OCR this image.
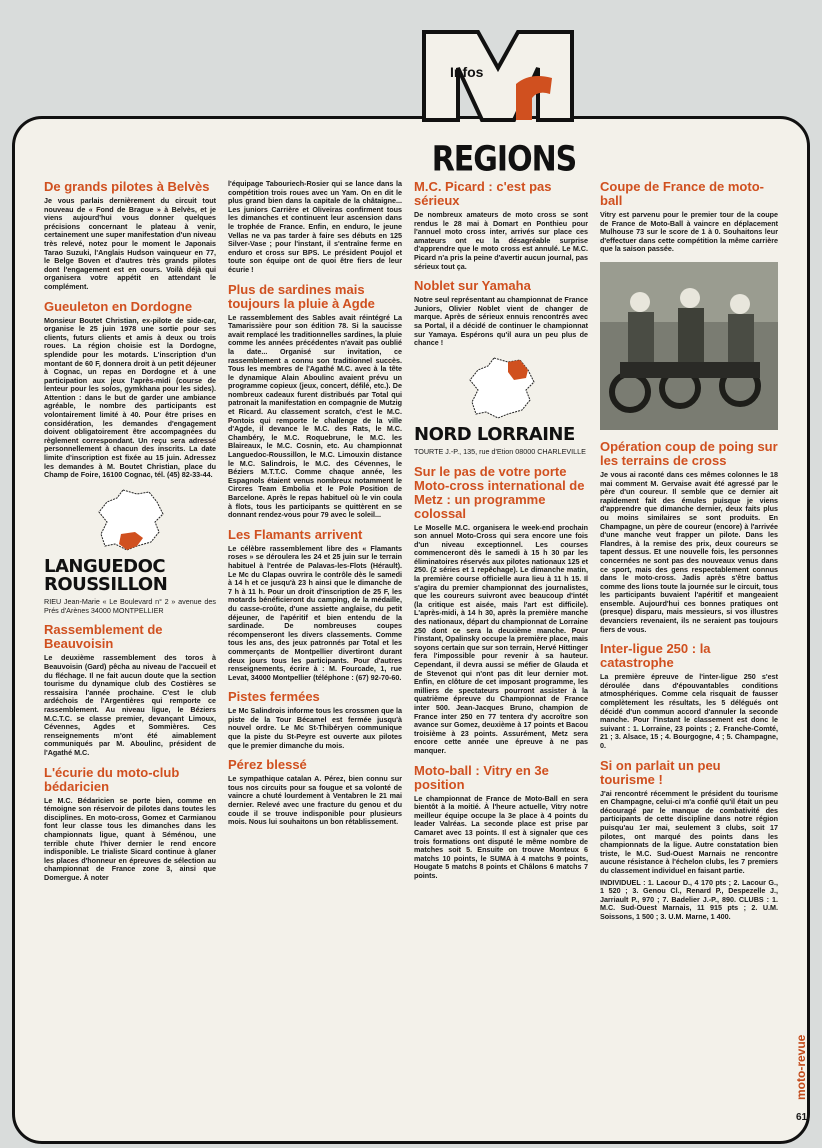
Infos
REGIONS
De grands pilotes à Belvès

Je vous parlais dernièrement du circuit tout nouveau de « Fond de Brague » à Belvès, et je viens aujourd'hui vous donner quelques précisions concernant le plateau à venir, certainement une super manifestation d'un niveau très relevé, notez pour le moment le Japonais Tarao Suzuki, l'Anglais Hudson vainqueur en 77, le Belge Boven et d'autres très grands pilotes dont l'engagement est en cours. Voilà déjà qui organisera votre appétit en attendant le complément.

Gueuleton en Dordogne

Monsieur Boutet Christian, ex-pilote de side-car, organise le 25 juin 1978 une sortie pour ses clients, futurs clients et amis à deux ou trois roues. La région choisie est la Dordogne, splendide pour les motards. L'inscription d'un montant de 60 F, donnera droit à un petit déjeuner à Cognac, un repas en Dordogne et à une participation aux jeux l'après-midi (course de lenteur pour les solos, gymkhana pour les sides). Attention : dans le but de garder une ambiance agréable, le nombre des participants est volontairement limité à 40. Pour être prises en considération, les demandes d'engagement doivent obligatoirement être accompagnées du règlement correspondant. Un reçu sera adressé personnellement à chacun des inscrits. La date limite d'inscription est fixée au 15 juin. Adressez les demandes à M. Boutet Christian, place du Champ de Foire, 16100 Cognac, tél. (45) 82-33-44.

LANGUEDOC ROUSSILLON
RIEU Jean-Marie « Le Boulevard n° 2 » avenue des Prés d'Arènes 34000 MONTPELLIER
Rassemblement de Beauvoisin

Le deuxième rassemblement des toros à Beauvoisin (Gard) pêcha au niveau de l'accueil et du fléchage. Il ne fait aucun doute que la section tourisme du dynamique club des Costières se ressaisira l'année prochaine. C'est le club ardéchois de l'Argentières qui remporte ce rassemblement. Au niveau ligue, le Béziers M.C.T.C. se classe premier, devançant Limoux, Cévennes, Agdes et Sommières. Ces renseignements m'ont été aimablement communiqués par M. Aboulinc, président de l'Agathé M.C.

L'écurie du moto-club bédaricien

Le M.C. Bédaricien se porte bien, comme en témoigne son réservoir de pilotes dans toutes les disciplines. En moto-cross, Gomez et Carmianou font leur classe tous les dimanches dans les championnats ligue, quant à Séménou, une terrible chute l'hiver dernier le rend encore indisponible. Le trialiste Sicard continue à glaner les places d'honneur en épreuves de sélection au championnat de France zone 3, ainsi que Domergue. À noter

l'équipage Tabouriech-Rosier qui se lance dans la compétition trois roues avec un Yam. On en dit le plus grand bien dans la capitale de la châtaigne... Les juniors Carrière et Oliveiras confirment tous les dimanches et continuent leur ascension dans le trophée de France. Enfin, en enduro, le jeune Vellas ne va pas tarder à faire ses débuts en 125 Silver-Vase ; pour l'instant, il s'entraîne ferme en enduro et cross sur BPS. Le président Poujol et toute son équipe ont de quoi être fiers de leur écurie !

Plus de sardines mais toujours la pluie à Agde

Le rassemblement des Sables avait réintégré La Tamarissière pour son édition 78. Si la saucisse avait remplacé les traditionnelles sardines, la pluie comme les années précédentes n'avait pas oublié la date... Organisé sur invitation, ce rassemblement a connu son traditionnel succès. Tous les membres de l'Agathé M.C. avec à la tête le dynamique Alain Aboulinc avaient prévu un programme copieux (jeux, concert, défilé, etc.). De nombreux cadeaux furent distribués par Total qui patronait la manifestation en compagnie de Mutzig et Ricard. Au classement scratch, c'est le M.C. Pontois qui remporte le challenge de la ville d'Agde, il devance le M.C. des Rats, le M.C. Chambéry, le M.C. Roquebrune, le M.C. les Blaireaux, le M.C. Cosnin, etc. Au championnat Languedoc-Roussillon, le M.C. Limouxin distance le M.C. Salindrois, le M.C. des Cévennes, le Béziers M.T.T.C. Comme chaque année, les Espagnols étaient venus nombreux notamment le Circres Team Embolia et le Pole Position de Barcelone. Après le repas habituel où le vin coula à flots, tous les participants se quittèrent en se donnant rendez-vous pour 79 avec le soleil...

Les Flamants arrivent

Le célèbre rassemblement libre des « Flamants roses » se déroulera les 24 et 25 juin sur le terrain habituel à l'entrée de Palavas-les-Flots (Hérault). Le Mc du Clapas ouvrira le contrôle dès le samedi à 14 h et ce jusqu'à 23 h ainsi que le dimanche de 7 h à 11 h. Pour un droit d'inscription de 25 F, les motards bénéficieront du camping, de la médaille, du casse-croûte, d'une assiette anglaise, du petit déjeuner, de l'apéritif et bien entendu de la sardinade. De nombreuses coupes récompenseront les divers classements. Comme tous les ans, des jeux patronnés par Total et les commerçants de Montpellier divertiront durant deux jours tous les participants. Pour d'autres renseignements, écrire à : M. Fourcade, 1, rue Levat, 34000 Montpellier (téléphone : (67) 92-70-60.

Pistes fermées

Le Mc Salindrois informe tous les crossmen que la piste de la Tour Bécamel est fermée jusqu'à nouvel ordre. Le Mc St-Thibéryen communique que la piste du St-Peyre est ouverte aux pilotes que le premier dimanche du mois.

Pérez blessé

Le sympathique catalan A. Pérez, bien connu sur tous nos circuits pour sa fougue et sa volonté de vaincre a chuté lourdement à Ventabren le 21 mai dernier. Relevé avec une fracture du genou et du coude il se trouve indisponible pour plusieurs mois. Nous lui souhaitons un bon rétablissement.

M.C. Picard : c'est pas sérieux

De nombreux amateurs de moto cross se sont rendus le 28 mai à Domart en Ponthieu pour l'annuel moto cross inter, arrivés sur place ces amateurs ont eu la désagréable surprise d'apprendre que le moto cross est annulé. Le M.C. Picard n'a pris la peine d'avertir aucun journal, pas sérieux tout ça.

Noblet sur Yamaha

Notre seul représentant au championnat de France Juniors, Olivier Noblet vient de changer de marque. Après de sérieux ennuis rencontrés avec sa Portal, il a décidé de continuer le championnat sur Yamaya. Espérons qu'il aura un peu plus de chance !

NORD LORRAINE
TOURTE J.-P., 135, rue d'Etion 08000 CHARLEVILLE
Sur le pas de votre porte Moto-cross international de Metz : un programme colossal

Le Moselle M.C. organisera le week-end prochain son annuel Moto-Cross qui sera encore une fois d'un niveau exceptionnel. Les courses commenceront dès le samedi à 15 h 30 par les éliminatoires réservés aux pilotes nationaux 125 et 250. (2 séries et 1 repêchage). Le dimanche matin, la première course officielle aura lieu à 11 h 15. Il s'agira du premier championnat des journalistes, que les coureurs suivront avec beaucoup d'intét (la critique est aisée, mais l'art est difficile). L'après-midi, à 14 h 30, après la première manche des nationaux, départ du championnat de Lorraine 250 dont ce sera la deuxième manche. Pour l'instant, Opalinsky occupe la première place, mais soyons certain que sur son terrain, Hervé Hittinger fera l'impossible pour revenir à sa hauteur. Cependant, il devra aussi se méfier de Glauda et de Stevenot qui n'ont pas dit leur dernier mot. Enfin, en clôture de cet imposant programme, les milliers de spectateurs pourront assister à la quatrième épreuve du Championnat de France inter 500. Jean-Jacques Bruno, champion de France inter 250 en 77 tentera d'y accroître son avance sur Gomez, deuxième à 17 points et Bacou troisième à 23 points. Assurément, Metz sera encore cette année une épreuve à ne pas manquer.

Moto-ball : Vitry en 3e position

Le championnat de France de Moto-Ball en sera bientôt à la moitié. À l'heure actuelle, Vitry notre meilleur équipe occupe la 3e place à 4 points du leader Valréas. La seconde place est prise par Camaret avec 13 points. Il est à signaler que ces trois formations ont disputé le même nombre de matches soit 5. Ensuite on trouve Monteux 6 matchs 10 points, le SUMA à 4 matchs 9 points, Hougate 5 matchs 8 points et Châlons 6 matchs 7 points.

Coupe de France de moto-ball

Vitry est parvenu pour le premier tour de la coupe de France de Moto-Ball à vaincre en déplacement Mulhouse 73 sur le score de 1 à 0. Souhaitons leur d'effectuer dans cette compétition la même carrière que la saison passée.

Opération coup de poing sur les terrains de cross

Je vous ai raconté dans ces mêmes colonnes le 18 mai comment M. Gervaise avait été agressé par le père d'un coureur. Il semble que ce dernier ait rapidement fait des émules puisque je viens d'apprendre que dimanche dernier, deux faits plus ou moins similaires se sont produits. En Champagne, un père de coureur (encore) à l'arrivée d'une manche veut frapper un pilote. Dans les Flandres, à la remise des prix, deux coureurs se tapent dessus. Et une nouvelle fois, les personnes concernées ne sont pas des nouveaux venus dans ce sport, mais des gens respectablement connus dans le moto-cross. Jadis après s'être battus comme des lions toute la journée sur le circuit, tous les participants buvaient l'apéritif et mangeaient ensemble. Aujourd'hui ces bonnes pratiques ont (presque) disparu, mais messieurs, si vos illustres devanciers revenaient, ils ne seraient pas toujours fiers de vous.

Inter-ligue 250 : la catastrophe

La première épreuve de l'inter-ligue 250 s'est déroulée dans d'épouvantables conditions atmosphériques. Comme cela risquait de fausser complètement les résultats, les 5 délégués ont décidé d'un commun accord d'annuler la seconde manche. Pour l'instant le classement est donc le suivant : 1. Lorraine, 23 points ; 2. Franche-Comté, 21 ; 3. Alsace, 15 ; 4. Bourgogne, 4 ; 5. Champagne, 0.

Si on parlait un peu tourisme !

J'ai rencontré récemment le président du tourisme en Champagne, celui-ci m'a confié qu'il était un peu découragé par le manque de combativité des participants de cette discipline dans notre région puisqu'au 1er mai, seulement 3 clubs, soit 17 pilotes, ont marqué des points dans les championnats de la ligue. Autre constatation bien triste, le M.C. Sud-Ouest Marnais ne rencontre aucune résistance à l'échelon clubs, les 7 premiers du classement individuel en faisant partie.

INDIVIDUEL : 1. Lacour D., 4 170 pts ; 2. Lacour G., 1 520 ; 3. Genou Cl., Renard P., Despezelle J., Jarriault P., 970 ; 7. Badelier J.-P., 890. CLUBS : 1. M.C. Sud-Ouest Marnais, 11 915 pts ; 2. U.M. Soissons, 1 500 ; 3. U.M. Marne, 1 400.

moto-revue
61
